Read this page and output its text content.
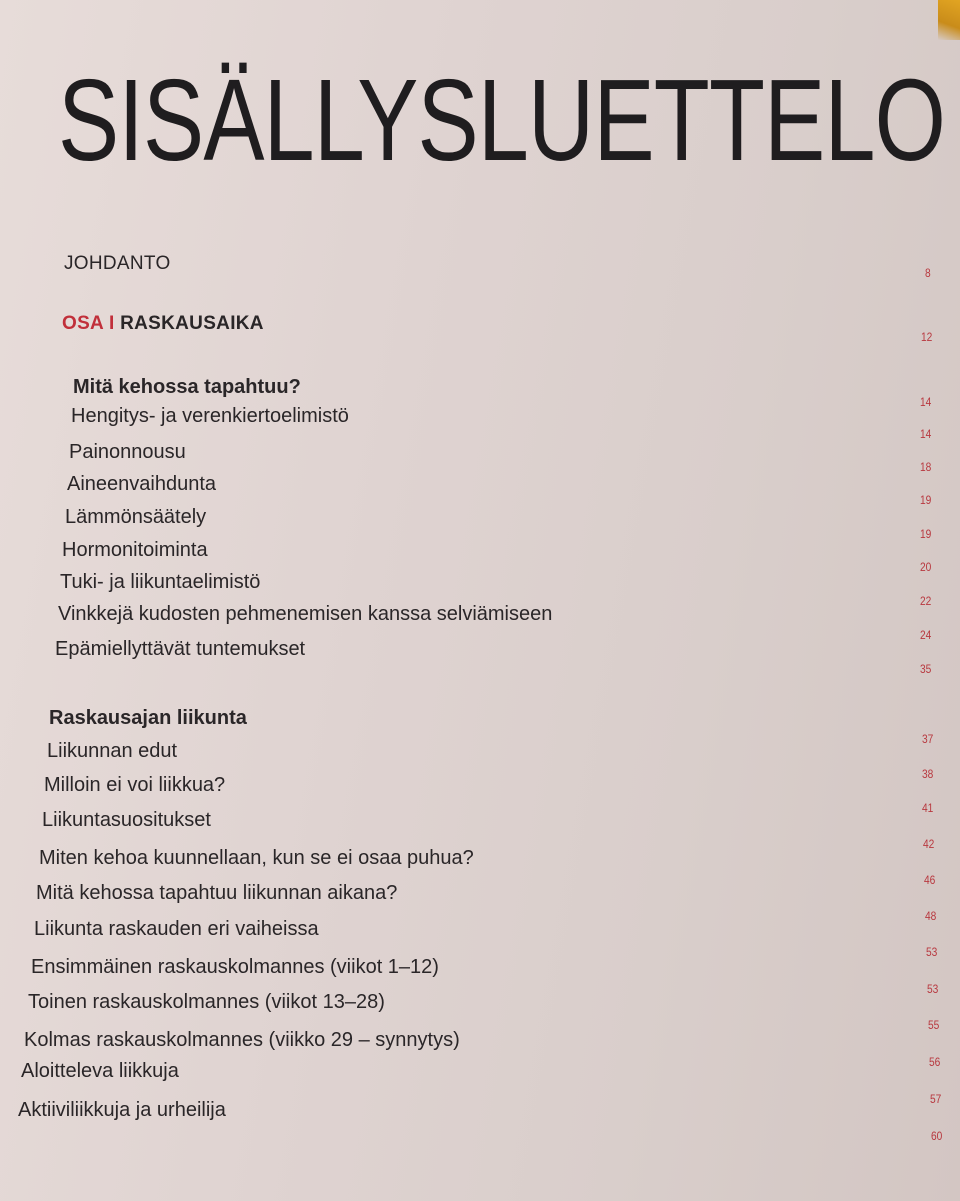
SISÄLLYSLUETTELO
JOHDANTO
OSA I RASKAUSAIKA
Mitä kehossa tapahtuu?
Hengitys- ja verenkiertoelimistö
Painonnousu
Aineenvaihdunta
Lämmönsäätely
Hormonitoiminta
Tuki- ja liikuntaelimistö
Vinkkejä kudosten pehmenemisen kanssa selviämiseen
Epämiellyttävät tuntemukset
Raskausajan liikunta
Liikunnan edut
Milloin ei voi liikkua?
Liikuntasuositukset
Miten kehoa kuunnellaan, kun se ei osaa puhua?
Mitä kehossa tapahtuu liikunnan aikana?
Liikunta raskauden eri vaiheissa
Ensimmäinen raskauskolmannes (viikot 1–12)
Toinen raskauskolmannes (viikot 13–28)
Kolmas raskauskolmannes (viikko 29 – synnytys)
Aloitteleva liikkuja
Aktiiviliikkuja ja urheilija
8
12
14
14
18
19
19
20
22
24
35
37
38
41
42
46
48
53
53
55
56
57
60
